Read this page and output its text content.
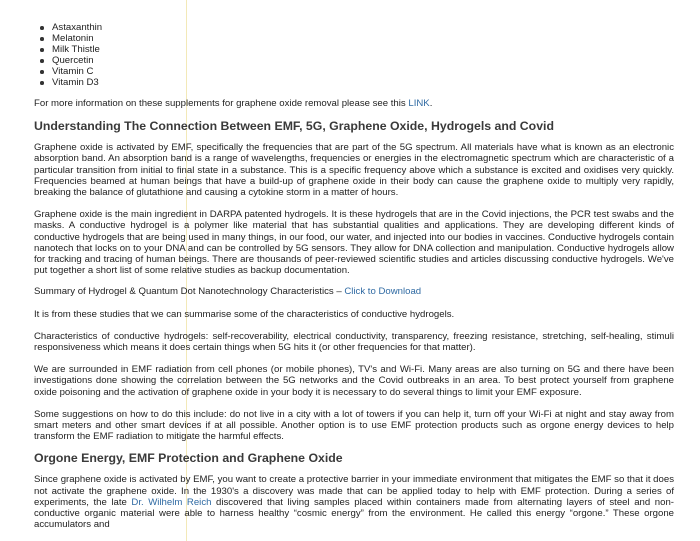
Astaxanthin
Melatonin
Milk Thistle
Quercetin
Vitamin C
Vitamin D3

For more information on these supplements for graphene oxide removal please see this LINK.

Understanding The Connection Between EMF, 5G, Graphene Oxide, Hydrogels and Covid

Graphene oxide is activated by EMF, specifically the frequencies that are part of the 5G spectrum. All materials have what is known as an electronic absorption band. An absorption band is a range of wavelengths, frequencies or energies in the electromagnetic spectrum which are characteristic of a particular transition from initial to final state in a substance. This is a specific frequency above which a substance is excited and oxidises very quickly. Frequencies beamed at human beings that have a build-up of graphene oxide in their body can cause the graphene oxide to multiply very rapidly, breaking the balance of glutathione and causing a cytokine storm in a matter of hours.

Graphene oxide is the main ingredient in DARPA patented hydrogels. It is these hydrogels that are in the Covid injections, the PCR test swabs and the masks. A conductive hydrogel is a polymer like material that has substantial qualities and applications. They are developing different kinds of conductive hydrogels that are being used in many things, in our food, our water, and injected into our bodies in vaccines. Conductive hydrogels contain nanotech that locks on to your DNA and can be controlled by 5G sensors. They allow for DNA collection and manipulation. Conductive hydrogels allow for tracking and tracing of human beings. There are thousands of peer-reviewed scientific studies and articles discussing conductive hydrogels. We've put together a short list of some relative studies as backup documentation.

Summary of Hydrogel & Quantum Dot Nanotechnology Characteristics – Click to Download

It is from these studies that we can summarise some of the characteristics of conductive hydrogels.

Characteristics of conductive hydrogels: self-recoverability, electrical conductivity, transparency, freezing resistance, stretching, self-healing, stimuli responsiveness which means it does certain things when 5G hits it (or other frequencies for that matter).

We are surrounded in EMF radiation from cell phones (or mobile phones), TV's and Wi-Fi. Many areas are also turning on 5G and there have been investigations done showing the correlation between the 5G networks and the Covid outbreaks in an area. To best protect yourself from graphene oxide poisoning and the activation of graphene oxide in your body it is necessary to do several things to limit your EMF exposure.

Some suggestions on how to do this include: do not live in a city with a lot of towers if you can help it, turn off your Wi-Fi at night and stay away from smart meters and other smart devices if at all possible. Another option is to use EMF protection products such as orgone energy devices to help transform the EMF radiation to mitigate the harmful effects.

Orgone Energy, EMF Protection and Graphene Oxide

Since graphene oxide is activated by EMF, you want to create a protective barrier in your immediate environment that mitigates the EMF so that it does not activate the graphene oxide. In the 1930's a discovery was made that can be applied today to help with EMF protection. During a series of experiments, the late Dr. Wilhelm Reich discovered that living samples placed within containers made from alternating layers of steel and non-conductive organic material were able to harness healthy “cosmic energy” from the environment. He called this energy “orgone.” These orgone accumulators and
